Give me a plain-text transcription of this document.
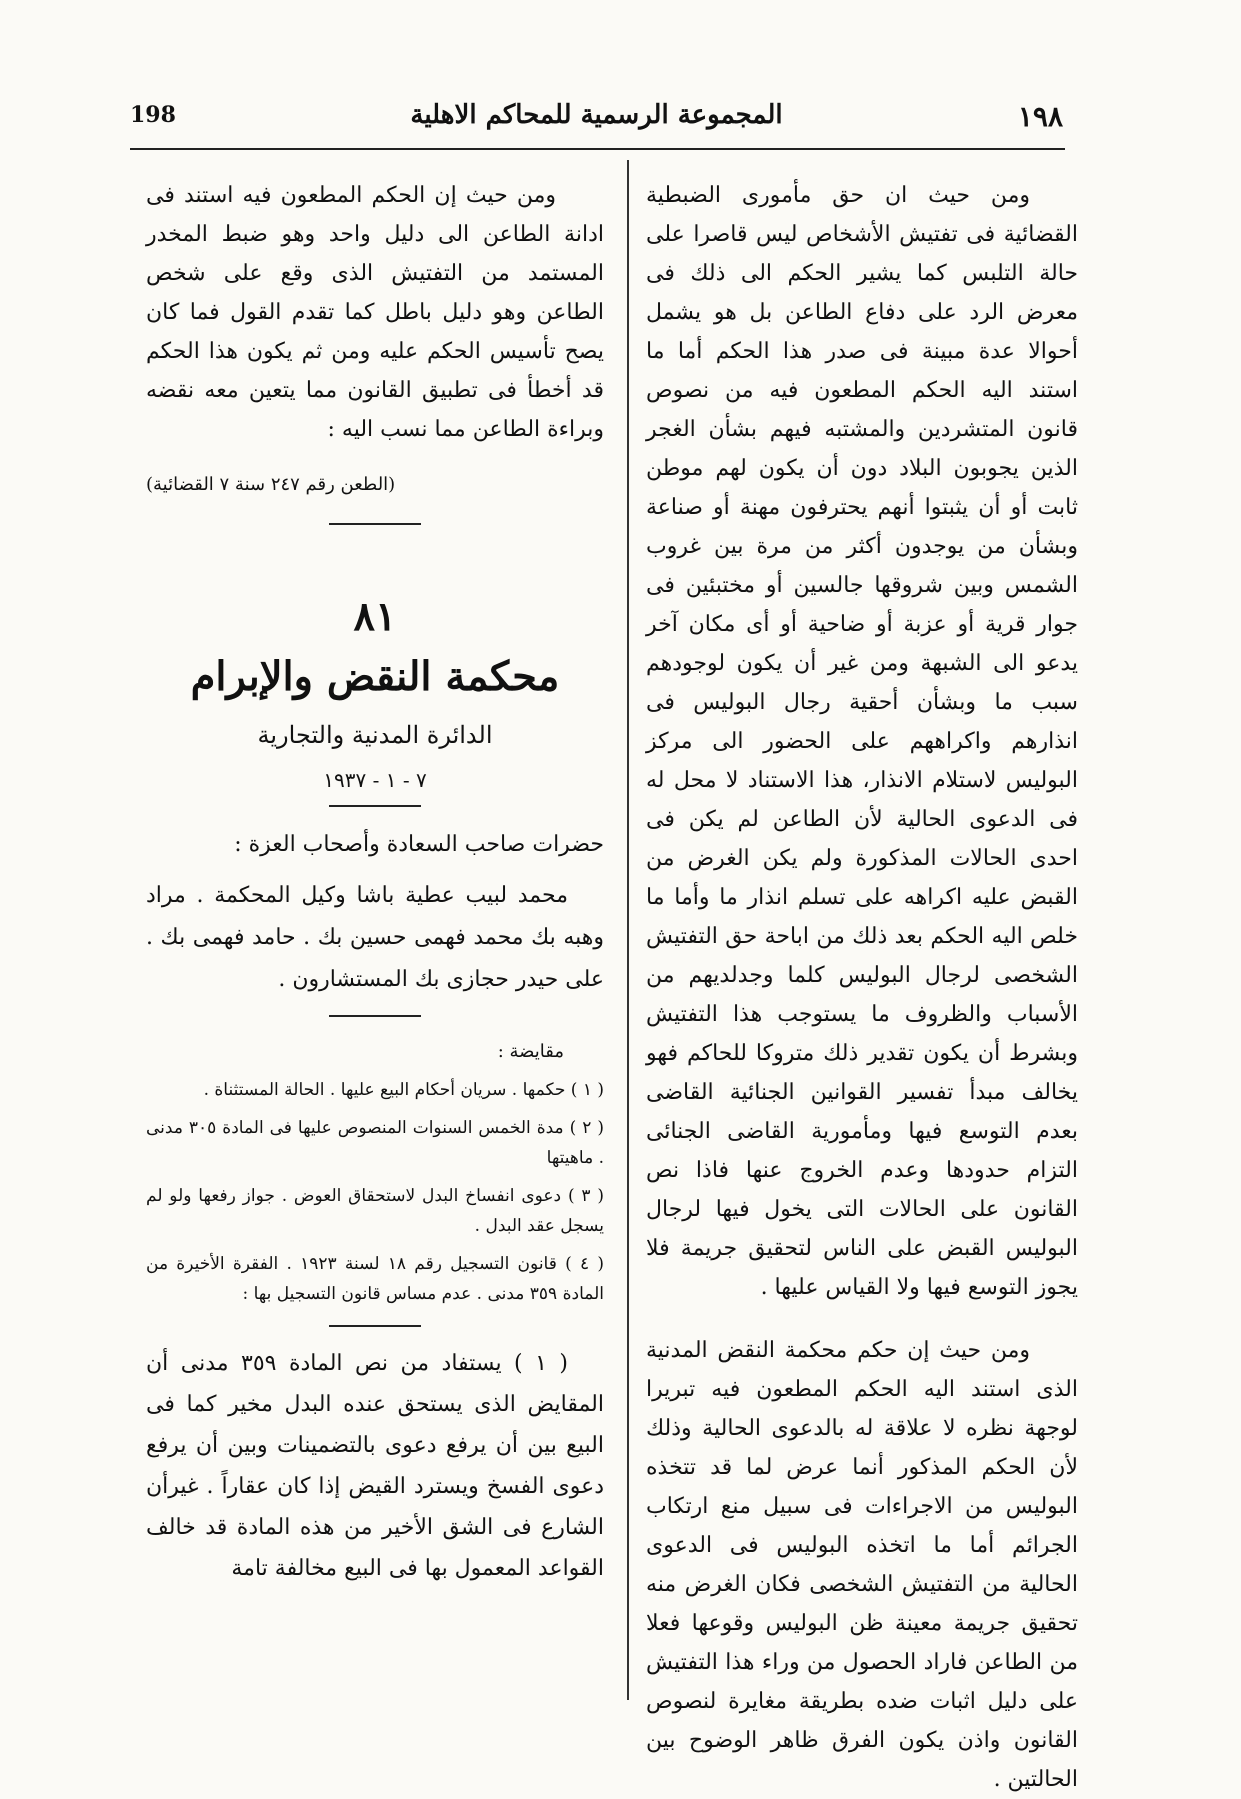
198	المجموعة الرسمية للمحاكم الاهلية	١٩٨

ومن حيث ان حق مأمورى الضبطية القضائية فى تفتيش الأشخاص ليس قاصرا على حالة التلبس كما يشير الحكم الى ذلك فى معرض الرد على دفاع الطاعن بل هو يشمل أحوالا عدة مبينة فى صدر هذا الحكم أما ما استند اليه الحكم المطعون فيه من نصوص قانون المتشردين والمشتبه فيهم بشأن الغجر الذين يجوبون البلاد دون أن يكون لهم موطن ثابت أو أن يثبتوا أنهم يحترفون مهنة أو صناعة وبشأن من يوجدون أكثر من مرة بين غروب الشمس وبين شروقها جالسين أو مختبئين فى جوار قرية أو عزبة أو ضاحية أو أى مكان آخر يدعو الى الشبهة ومن غير أن يكون لوجودهم سبب ما وبشأن أحقية رجال البوليس فى انذارهم واكراههم على الحضور الى مركز البوليس لاستلام الانذار، هذا الاستناد لا محل له فى الدعوى الحالية لأن الطاعن لم يكن فى احدى الحالات المذكورة ولم يكن الغرض من القبض عليه اكراهه على تسلم انذار ما وأما ما خلص اليه الحكم بعد ذلك من اباحة حق التفتيش الشخصى لرجال البوليس كلما وجدلديهم من الأسباب والظروف ما يستوجب هذا التفتيش وبشرط أن يكون تقدير ذلك متروكا للحاكم فهو يخالف مبدأ تفسير القوانين الجنائية القاضى بعدم التوسع فيها ومأمورية القاضى الجنائى التزام حدودها وعدم الخروج عنها فاذا نص القانون على الحالات التى يخول فيها لرجال البوليس القبض على الناس لتحقيق جريمة فلا يجوز التوسع فيها ولا القياس عليها .

ومن حيث إن حكم محكمة النقض المدنية الذى استند اليه الحكم المطعون فيه تبريرا لوجهة نظره لا علاقة له بالدعوى الحالية وذلك لأن الحكم المذكور أنما عرض لما قد تتخذه البوليس من الاجراءات فى سبيل منع ارتكاب الجرائم أما ما اتخذه البوليس فى الدعوى الحالية من التفتيش الشخصى فكان الغرض منه تحقيق جريمة معينة ظن البوليس وقوعها فعلا من الطاعن فاراد الحصول من وراء هذا التفتيش على دليل اثبات ضده بطريقة مغايرة لنصوص القانون واذن يكون الفرق ظاهر الوضوح بين الحالتين .

ومن حيث إن الحكم المطعون فيه استند فى ادانة الطاعن الى دليل واحد وهو ضبط المخدر المستمد من التفتيش الذى وقع على شخص الطاعن وهو دليل باطل كما تقدم القول فما كان يصح تأسيس الحكم عليه ومن ثم يكون هذا الحكم قد أخطأ فى تطبيق القانون مما يتعين معه نقضه وبراءة الطاعن مما نسب اليه :

(الطعن رقم ٢٤٧ سنة ٧ القضائية)

٨١

محكمة النقض والإبرام

الدائرة المدنية والتجارية

٧ - ١ - ١٩٣٧

حضرات صاحب السعادة وأصحاب العزة :

محمد لبيب عطية باشا وكيل المحكمة . مراد وهبه بك محمد فهمى حسين بك . حامد فهمى بك . على حيدر حجازى بك المستشارون .

مقايضة :

( ١ ) حكمها . سريان أحكام البيع عليها . الحالة المستثناة .

( ٢ ) مدة الخمس السنوات المنصوص عليها فى المادة ٣٠٥ مدنى . ماهيتها

( ٣ ) دعوى انفساخ البدل لاستحقاق العوض . جواز رفعها ولو لم يسجل عقد البدل .

( ٤ ) قانون التسجيل رقم ١٨ لسنة ١٩٢٣ . الفقرة الأخيرة من المادة ٣٥٩ مدنى . عدم مساس قانون التسجيل بها :

( ١ ) يستفاد من نص المادة ٣٥٩ مدنى أن المقايض الذى يستحق عنده البدل مخير كما فى البيع بين أن يرفع دعوى بالتضمينات وبين أن يرفع دعوى الفسخ ويسترد القيض إذا كان عقاراً . غيرأن الشارع فى الشق الأخير من هذه المادة قد خالف القواعد المعمول بها فى البيع مخالفة تامة
